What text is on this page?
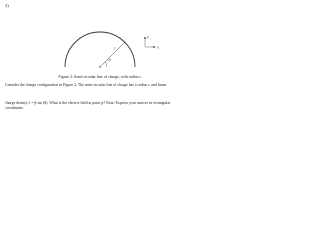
2)
y
x
r
θ
Figure 2: Semi-circular line of charge, with radius r.

Consider the charge configuration in Figure 2. The semi-circular line of charge has a radius r, and linear

charge density λ = β sin (θ). What is the electric field at point p? Note: Express your answer in rectangular coordinates.
